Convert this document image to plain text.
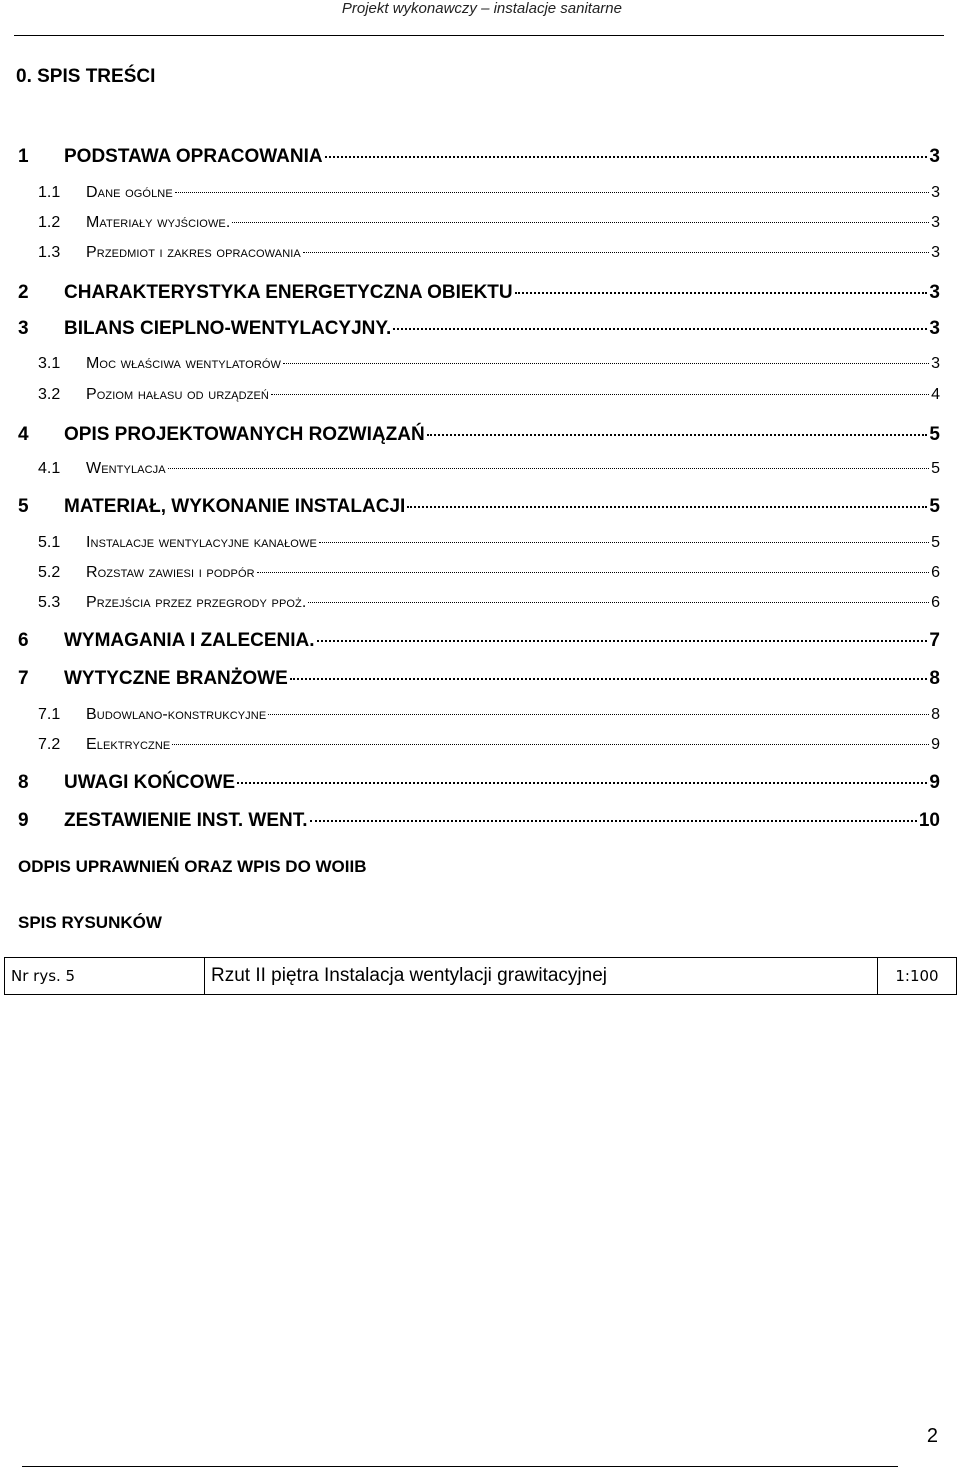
Projekt wykonawczy – instalacje sanitarne
0. SPIS TREŚCI
1	PODSTAWA OPRACOWANIA	3
1.1	Dane ogólne	3
1.2	Materiały wyjściowe.	3
1.3	Przedmiot i zakres opracowania	3
2	CHARAKTERYSTYKA ENERGETYCZNA OBIEKTU	3
3	BILANS CIEPLNO-WENTYLACYJNY.	3
3.1	Moc właściwa wentylatorów	3
3.2	Poziom hałasu od urządzeń	4
4	OPIS PROJEKTOWANYCH ROZWIĄZAŃ	5
4.1	Wentylacja	5
5	MATERIAŁ, WYKONANIE INSTALACJI	5
5.1	Instalacje wentylacyjne kanałowe	5
5.2	Rozstaw zawiesi i podpór	6
5.3	Przejścia przez przegrody ppoż.	6
6	WYMAGANIA I ZALECENIA.	7
7	WYTYCZNE BRANŻOWE	8
7.1	Budowlano-konstrukcyjne	8
7.2	Elektryczne	9
8	UWAGI KOŃCOWE	9
9	ZESTAWIENIE INST. WENT.	10
ODPIS UPRAWNIEŃ ORAZ WPIS DO WOIIB
SPIS RYSUNKÓW
Nr rys. 5	Rzut II piętra Instalacja wentylacji grawitacyjnej	1:100
2
